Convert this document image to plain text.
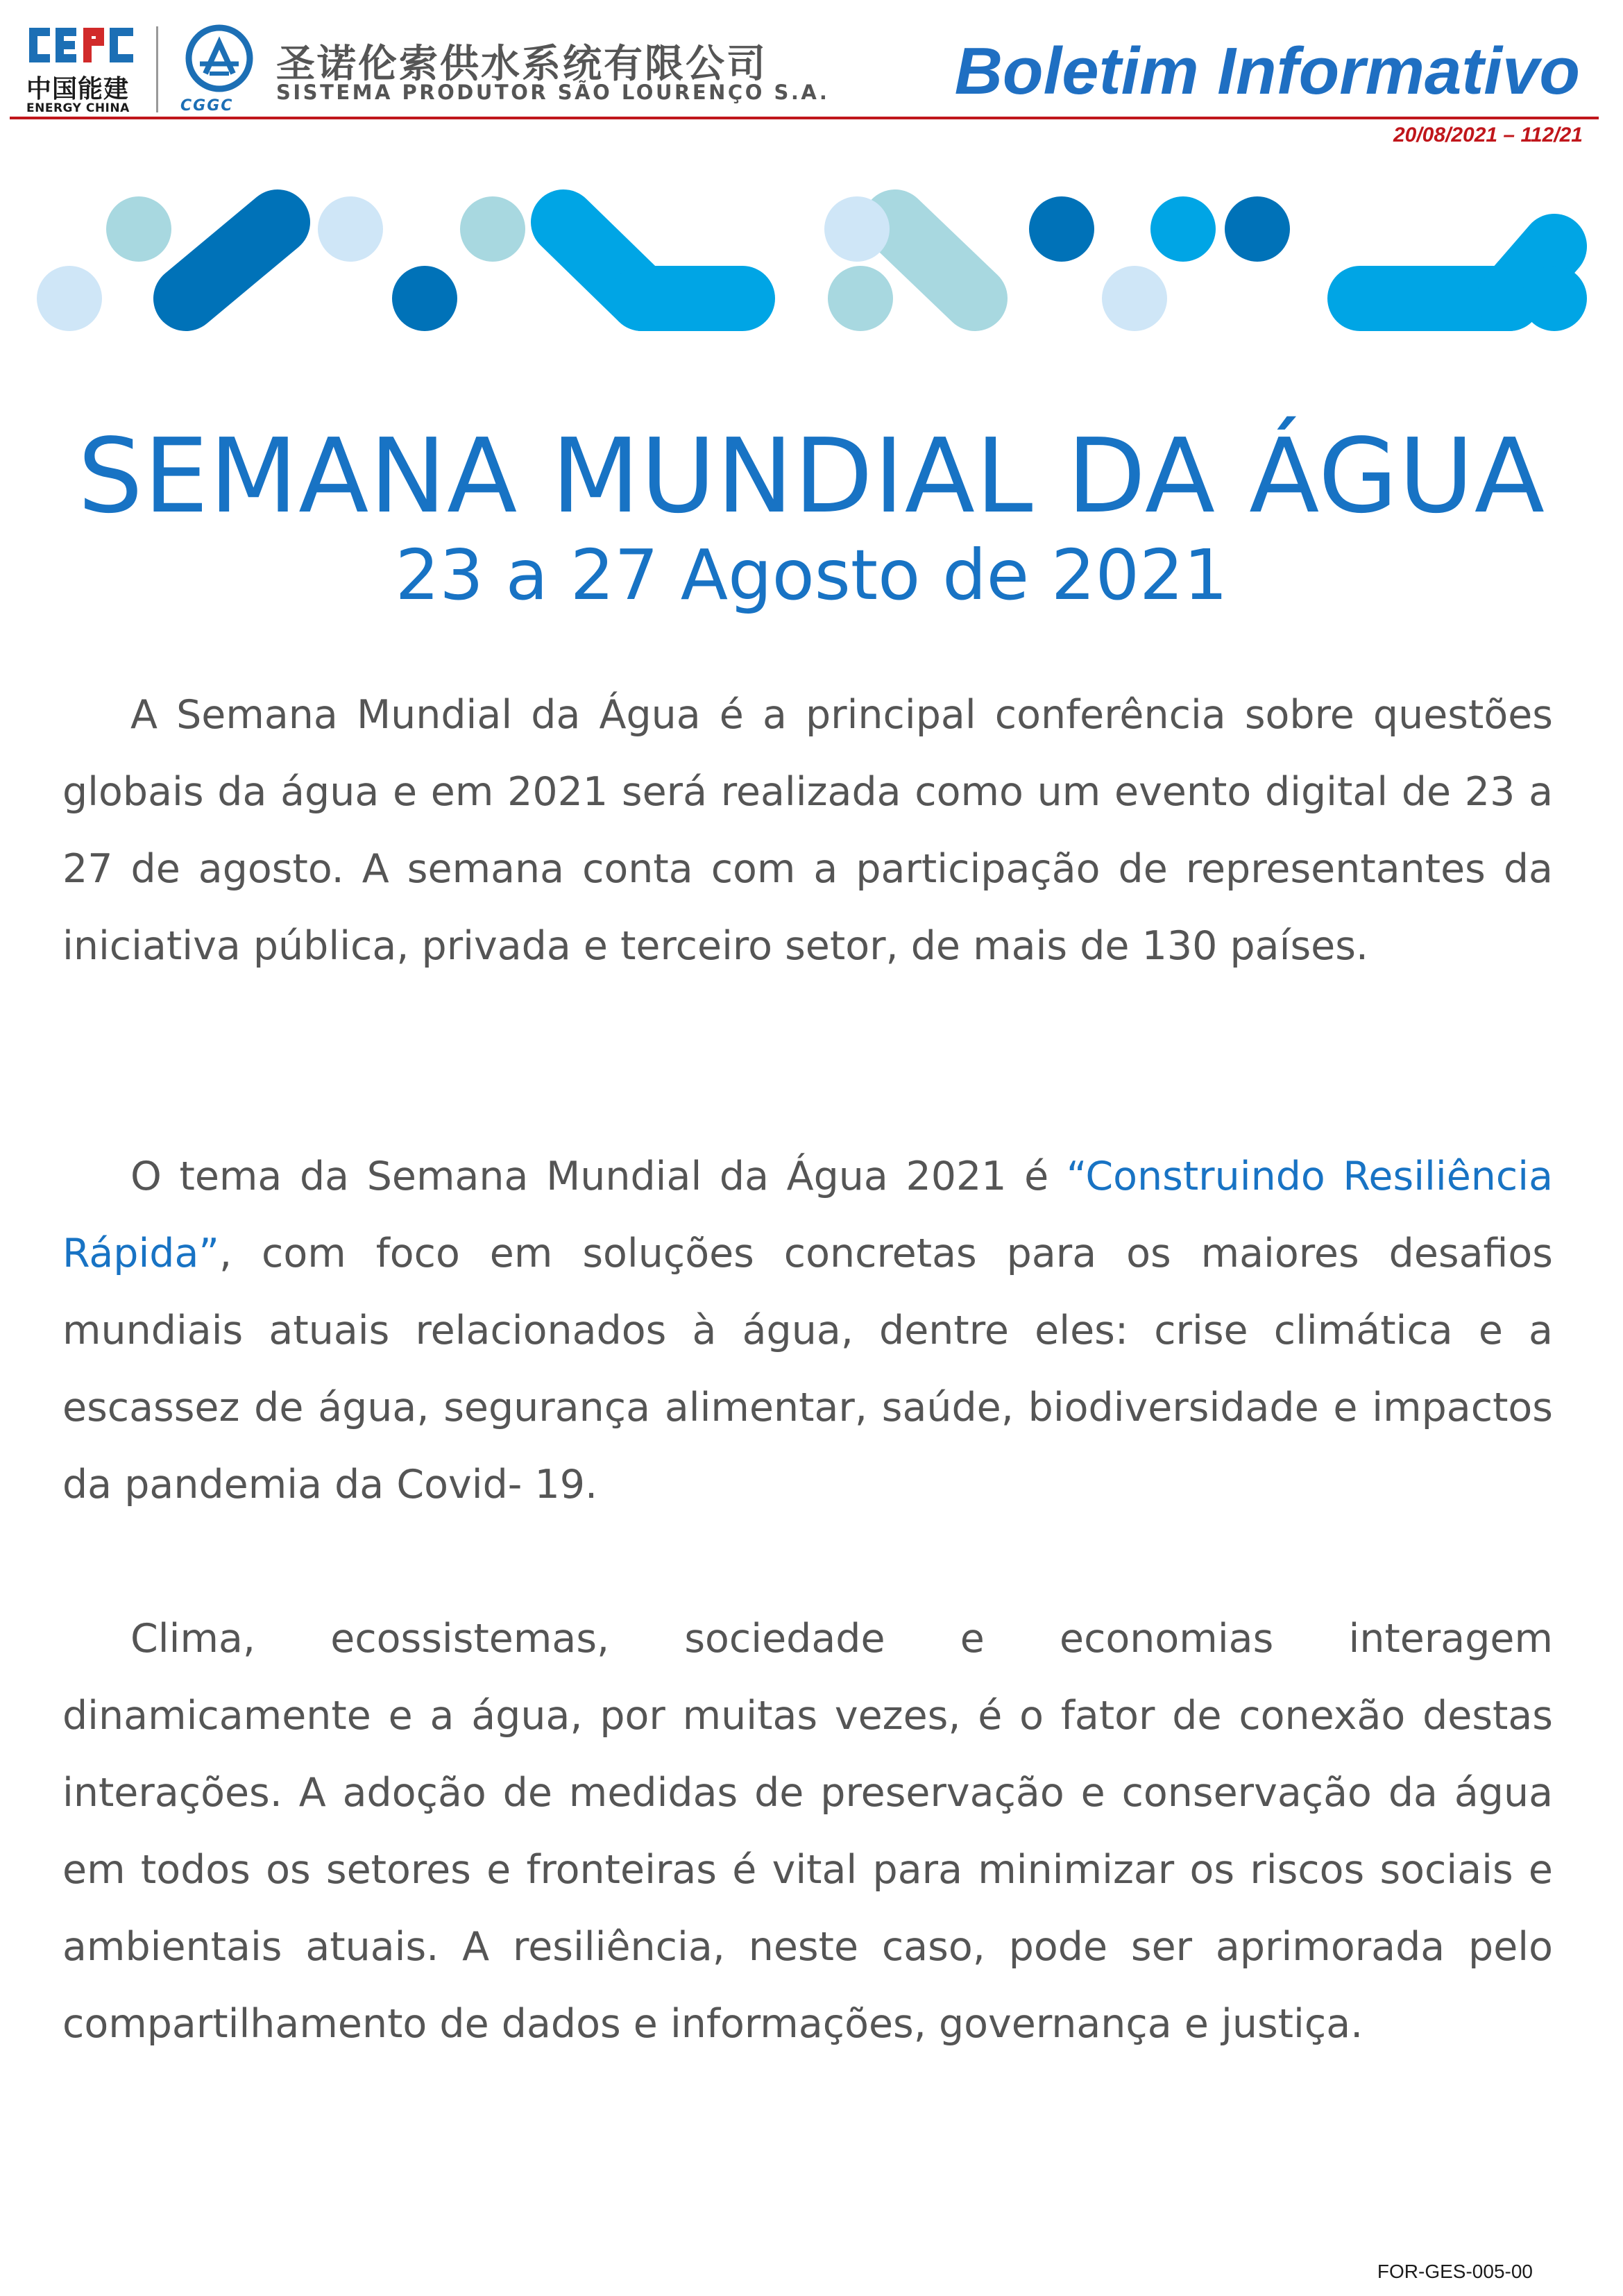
中国能建
ENERGY CHINA	CGGC
圣诺伦索供水系统有限公司
SISTEMA PRODUTOR SÃO LOURENÇO S.A. Boletim Informativo
20/08/2021 – 112/21
SEMANA MUNDIAL DA ÁGUA
23 a 27 Agosto de 2021

A Semana Mundial da Água é a principal conferência sobre questões globais da água e em 2021 será realizada como um evento digital de 23 a 27 de agosto. A semana conta com a participação de representantes da iniciativa pública, privada e terceiro setor, de mais de 130 países.

O tema da Semana Mundial da Água 2021 é “Construindo Resiliência Rápida”, com foco em soluções concretas para os maiores desafios mundiais atuais relacionados à água, dentre eles: crise climática e a escassez de água, segurança alimentar, saúde, biodiversidade e impactos da pandemia da Covid- 19.

Clima, ecossistemas, sociedade e economias interagem dinamicamente e a água, por muitas vezes, é o fator de conexão destas interações. A adoção de medidas de preservação e conservação da água em todos os setores e fronteiras é vital para minimizar os riscos sociais e ambientais atuais. A resiliência, neste caso, pode ser aprimorada pelo compartilhamento de dados e informações, governança e justiça.

FOR-GES-005-00
